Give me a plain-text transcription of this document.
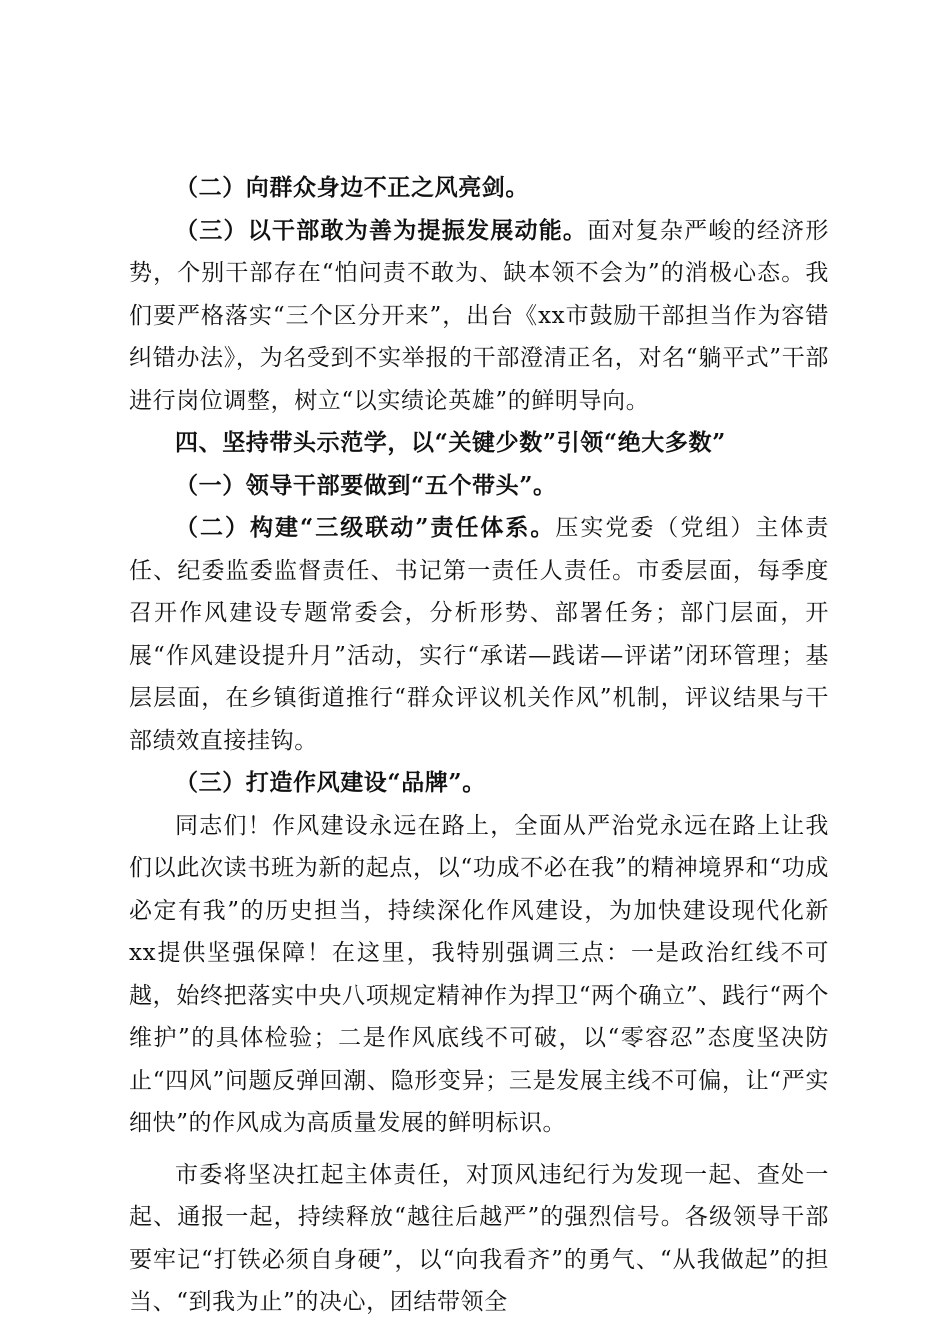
（二）向群众身边不正之风亮剑。

（三）以干部敢为善为提振发展动能。面对复杂严峻的经济形势，个别干部存在“怕问责不敢为、缺本领不会为”的消极心态。我们要严格落实“三个区分开来”，出台《xx市鼓励干部担当作为容错纠错办法》，为名受到不实举报的干部澄清正名，对名“躺平式”干部进行岗位调整，树立“以实绩论英雄”的鲜明导向。

四、坚持带头示范学，以“关键少数”引领“绝大多数”

（一）领导干部要做到“五个带头”。

（二）构建“三级联动”责任体系。压实党委（党组）主体责任、纪委监委监督责任、书记第一责任人责任。市委层面，每季度召开作风建设专题常委会，分析形势、部署任务；部门层面，开展“作风建设提升月”活动，实行“承诺—践诺—评诺”闭环管理；基层层面，在乡镇街道推行“群众评议机关作风”机制，评议结果与干部绩效直接挂钩。

（三）打造作风建设“品牌”。

同志们！作风建设永远在路上，全面从严治党永远在路上让我们以此次读书班为新的起点，以“功成不必在我”的精神境界和“功成必定有我”的历史担当，持续深化作风建设，为加快建设现代化新xx提供坚强保障！在这里，我特别强调三点：一是政治红线不可越，始终把落实中央八项规定精神作为捍卫“两个确立”、践行“两个维护”的具体检验；二是作风底线不可破，以“零容忍”态度坚决防止“四风”问题反弹回潮、隐形变异；三是发展主线不可偏，让“严实细快”的作风成为高质量发展的鲜明标识。

市委将坚决扛起主体责任，对顶风违纪行为发现一起、查处一起、通报一起，持续释放“越往后越严”的强烈信号。各级领导干部要牢记“打铁必须自身硬”，以“向我看齐”的勇气、“从我做起”的担当、“到我为止”的决心，团结带领全
